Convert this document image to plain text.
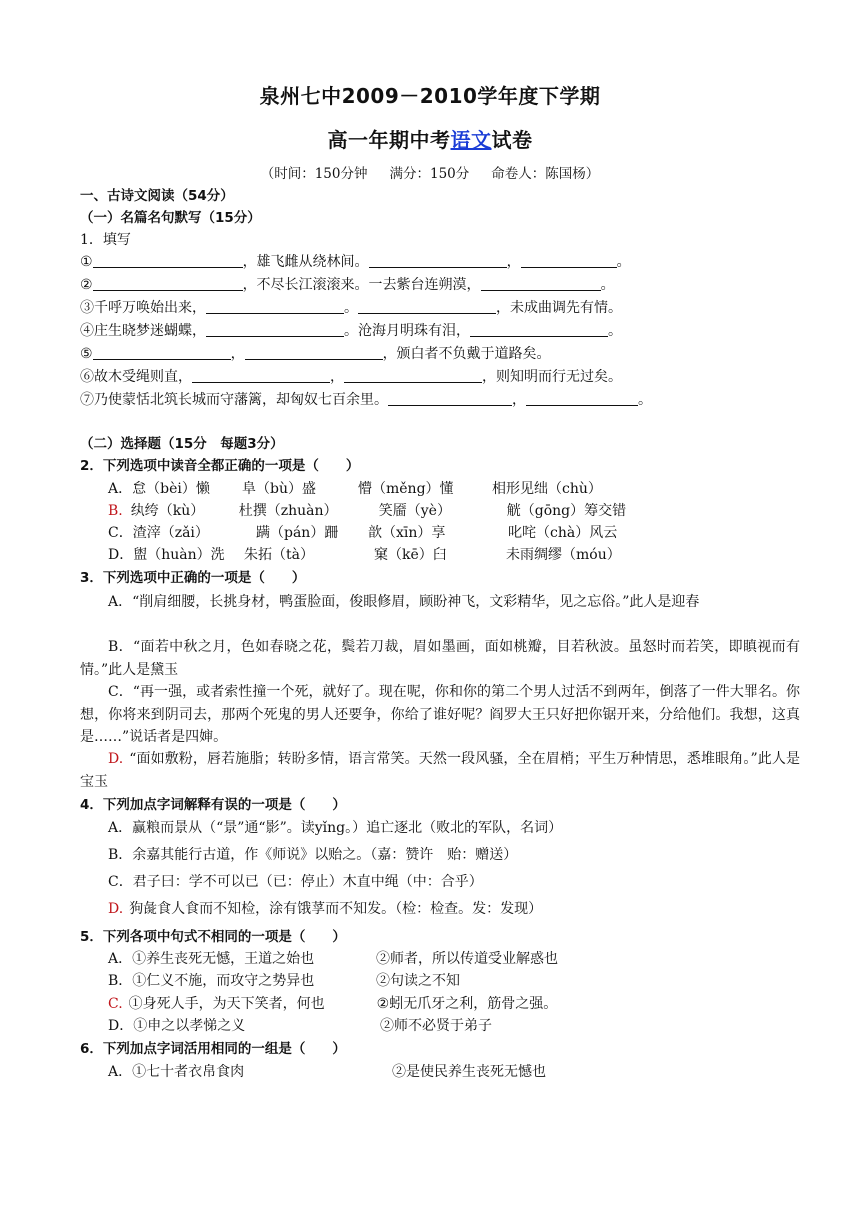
泉州七中2009－2010学年度下学期
高一年期中考语文试卷
（时间：150分钟 满分：150分 命卷人：陈国杨）
一、古诗文阅读（54分）
（一）名篇名句默写（15分）
1．填写
①	，雄飞雌从绕林间。	，	。
②	，不尽长江滚滚来。一去紫台连朔漠，	。
③千呼万唤始出来，	。	，未成曲调先有情。
④庄生晓梦迷蝴蝶，	。沧海月明珠有泪，	。
⑤	，	，颁白者不负戴于道路矣。
⑥故木受绳则直，	，	，则知明而行无过矣。
⑦乃使蒙恬北筑长城而守藩篱，却匈奴七百余里。	，	。
（二）选择题（15分　每题3分）
2．下列选项中读音全都正确的一项是（　　）
A．怠（bèi）懒 阜（bù）盛	懵（měng）懂	相形见绌（chù）
B. 纨绔（kù） 杜撰（zhuàn）	笑靥（yè）	觥（gōng）筹交错
C．渣滓（zǎi）	蹒（pán）跚 歆（xīn）享	叱咤（chà）风云
D．盥（huàn）洗 朱拓（tà）	窠（kē）臼	未雨绸缪（móu）
3．下列选项中正确的一项是（　　）
A．“削肩细腰，长挑身材，鸭蛋脸面，俊眼修眉，顾盼神飞，文彩精华，见之忘俗。”此人是迎春
B．“面若中秋之月，色如春晓之花，鬓若刀裁，眉如墨画，面如桃瓣，目若秋波。虽怒时而若笑，即瞋视而有情。”此人是黛玉
C．“再一强，或者索性撞一个死，就好了。现在呢，你和你的第二个男人过活不到两年，倒落了一件大罪名。你想，你将来到阴司去，那两个死鬼的男人还要争，你给了谁好呢？阎罗大王只好把你锯开来，分给他们。我想，这真是……”说话者是四婶。
D. “面如敷粉，唇若施脂；转盼多情，语言常笑。天然一段风骚，全在眉梢；平生万种情思，悉堆眼角。”此人是宝玉
4．下列加点字词解释有误的一项是（　　）
A．赢粮而景从（“景”通“影”。读yǐng。）追亡逐北（败北的军队，名词）
B．余嘉其能行古道，作《师说》以贻之。（嘉：赞许　贻：赠送）
C．君子曰：学不可以已（已：停止）木直中绳（中：合乎）
D. 狗彘食人食而不知检，涂有饿莩而不知发。（检：检查。发：发现）
5．下列各项中句式不相同的一项是（　　）
A．①养生丧死无憾，王道之始也	②师者，所以传道受业解惑也
B．①仁义不施，而攻守之势异也	②句读之不知
C. ①身死人手，为天下笑者，何也	②蚓无爪牙之利，筋骨之强。
D．①申之以孝悌之义	②师不必贤于弟子
6．下列加点字词活用相同的一组是（　　）
A．①七十者衣帛食肉	②是使民养生丧死无憾也
